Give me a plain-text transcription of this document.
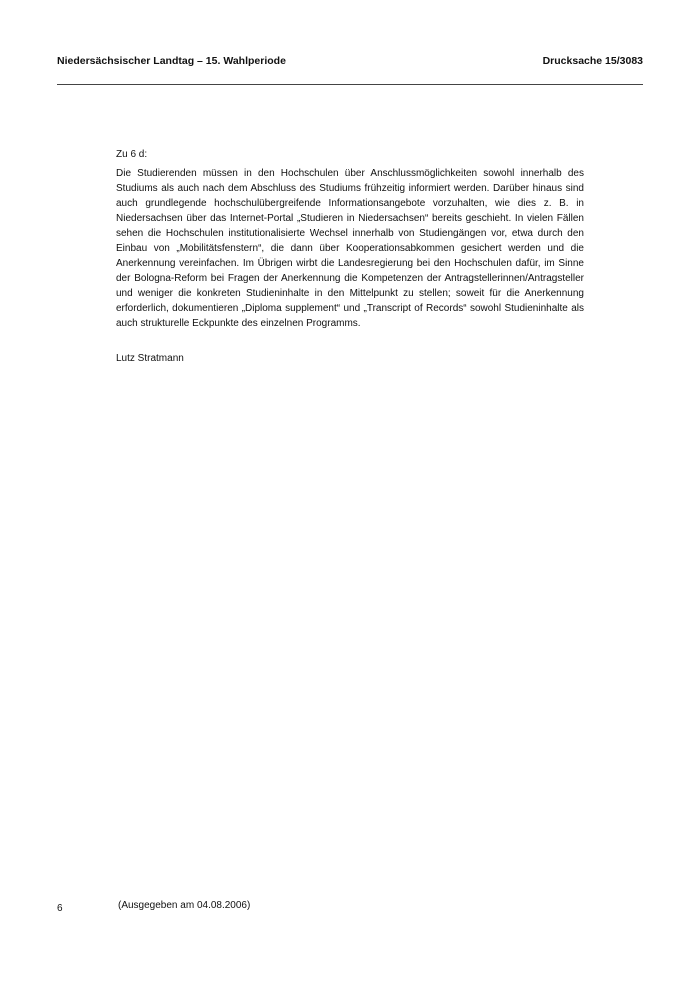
Niedersächsischer Landtag – 15. Wahlperiode	Drucksache 15/3083

Zu 6 d:

Die Studierenden müssen in den Hochschulen über Anschlussmöglichkeiten sowohl innerhalb des Studiums als auch nach dem Abschluss des Studiums frühzeitig informiert werden. Darüber hinaus sind auch grundlegende hochschulübergreifende Informationsangebote vorzuhalten, wie dies z. B. in Niedersachsen über das Internet-Portal „Studieren in Niedersachsen“ bereits geschieht. In vielen Fällen sehen die Hochschulen institutionalisierte Wechsel innerhalb von Studiengängen vor, etwa durch den Einbau von „Mobilitätsfenstern“, die dann über Kooperationsabkommen gesichert werden und die Anerkennung vereinfachen. Im Übrigen wirbt die Landesregierung bei den Hochschulen dafür, im Sinne der Bologna-Reform bei Fragen der Anerkennung die Kompetenzen der Antragstellerinnen/Antragsteller und weniger die konkreten Studieninhalte in den Mittelpunkt zu stellen; soweit für die Anerkennung erforderlich, dokumentieren „Diploma supplement“ und „Transcript of Records“ sowohl Studieninhalte als auch strukturelle Eckpunkte des einzelnen Programms.

Lutz Stratmann

6	(Ausgegeben am 04.08.2006)
